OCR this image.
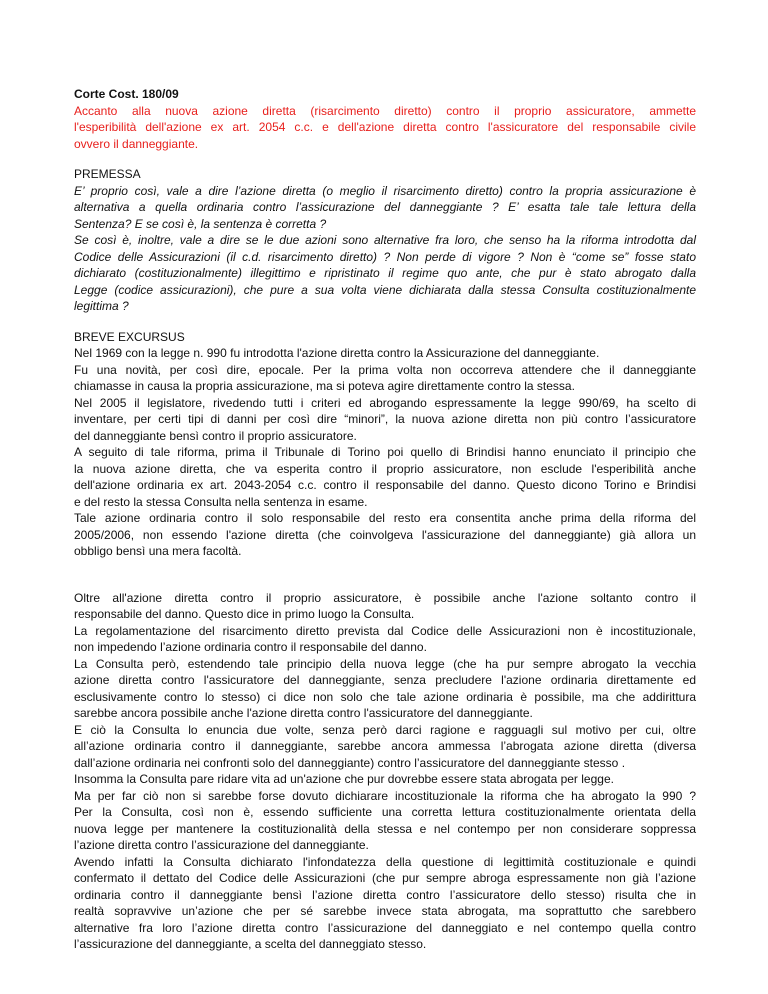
Corte Cost. 180/09
Accanto alla nuova azione diretta (risarcimento diretto) contro il proprio assicuratore, ammette
l'esperibilità dell'azione ex art. 2054 c.c. e dell'azione diretta contro l'assicuratore del responsabile civile
ovvero il danneggiante.
PREMESSA
E’ proprio così, vale a dire l’azione diretta (o meglio il risarcimento diretto) contro la propria assicurazione è
alternativa a quella ordinaria contro l’assicurazione del danneggiante ? E’ esatta tale tale lettura della
Sentenza? E se così è, la sentenza è corretta ?
Se così è, inoltre, vale a dire se le due azioni sono alternative fra loro, che senso ha la riforma introdotta dal
Codice delle Assicurazioni (il c.d. risarcimento diretto) ? Non perde di vigore ? Non è “come se” fosse stato
dichiarato (costituzionalmente) illegittimo e ripristinato il regime quo ante, che pur è stato abrogato dalla
Legge (codice assicurazioni), che pure a sua volta viene dichiarata dalla stessa Consulta costituzionalmente
legittima ?
BREVE EXCURSUS
Nel 1969 con la legge n. 990 fu introdotta l'azione diretta contro la Assicurazione del danneggiante.
Fu una novità, per così dire, epocale. Per la prima volta non occorreva attendere che il danneggiante
chiamasse in causa la propria assicurazione, ma si poteva agire direttamente contro la stessa.
Nel 2005 il legislatore, rivedendo tutti i criteri ed abrogando espressamente la legge 990/69, ha scelto di
inventare, per certi tipi di danni per così dire “minori”, la nuova azione diretta non più contro l’assicuratore
del danneggiante bensì contro il proprio assicuratore.
A seguito di tale riforma, prima il Tribunale di Torino poi quello di Brindisi hanno enunciato il principio che
la nuova azione diretta, che va esperita contro il proprio assicuratore, non esclude l'esperibilità anche
dell'azione ordinaria ex art. 2043-2054 c.c. contro il responsabile del danno. Questo dicono Torino e Brindisi
e del resto la stessa Consulta nella sentenza in esame.
Tale azione ordinaria contro il solo responsabile del resto era consentita anche prima della riforma del
2005/2006, non essendo l'azione diretta (che coinvolgeva l'assicurazione del danneggiante) già allora un
obbligo bensì una mera facoltà.
Oltre all'azione diretta contro il proprio assicuratore, è possibile anche l'azione soltanto contro il
responsabile del danno. Questo dice in primo luogo la Consulta.
La regolamentazione del risarcimento diretto prevista dal Codice delle Assicurazioni non è incostituzionale,
non impedendo l’azione ordinaria contro il responsabile del danno.
La Consulta però, estendendo tale principio della nuova legge (che ha pur sempre abrogato la vecchia
azione diretta contro l'assicuratore del danneggiante, senza precludere l'azione ordinaria direttamente ed
esclusivamente contro lo stesso) ci dice non solo che tale azione ordinaria è possibile, ma che addirittura
sarebbe ancora possibile anche l'azione diretta contro l'assicuratore del danneggiante.
E ciò la Consulta lo enuncia due volte, senza però darci ragione e ragguagli sul motivo per cui, oltre
all’azione ordinaria contro il danneggiante, sarebbe ancora ammessa l’abrogata azione diretta (diversa
dall’azione ordinaria nei confronti solo del danneggiante) contro l’assicuratore del danneggiante stesso .
Insomma la Consulta pare ridare vita ad un'azione che pur dovrebbe essere stata abrogata per legge.
Ma per far ciò non si sarebbe forse dovuto dichiarare incostituzionale la riforma che ha abrogato la 990 ?
Per la Consulta, così non è, essendo sufficiente una corretta lettura costituzionalmente orientata della
nuova legge per mantenere la costituzionalità della stessa e nel contempo per non considerare soppressa
l’azione diretta contro l’assicurazione del danneggiante.
Avendo infatti la Consulta dichiarato l'infondatezza della questione di legittimità costituzionale e quindi
confermato il dettato del Codice delle Assicurazioni (che pur sempre abroga espressamente non già l’azione
ordinaria contro il danneggiante bensì l’azione diretta contro l’assicuratore dello stesso) risulta che in
realtà sopravvive un’azione che per sé sarebbe invece stata abrogata, ma soprattutto che sarebbero
alternative fra loro l’azione diretta contro l’assicurazione del danneggiato e nel contempo quella contro
l’assicurazione del danneggiante, a scelta del danneggiato stesso.
